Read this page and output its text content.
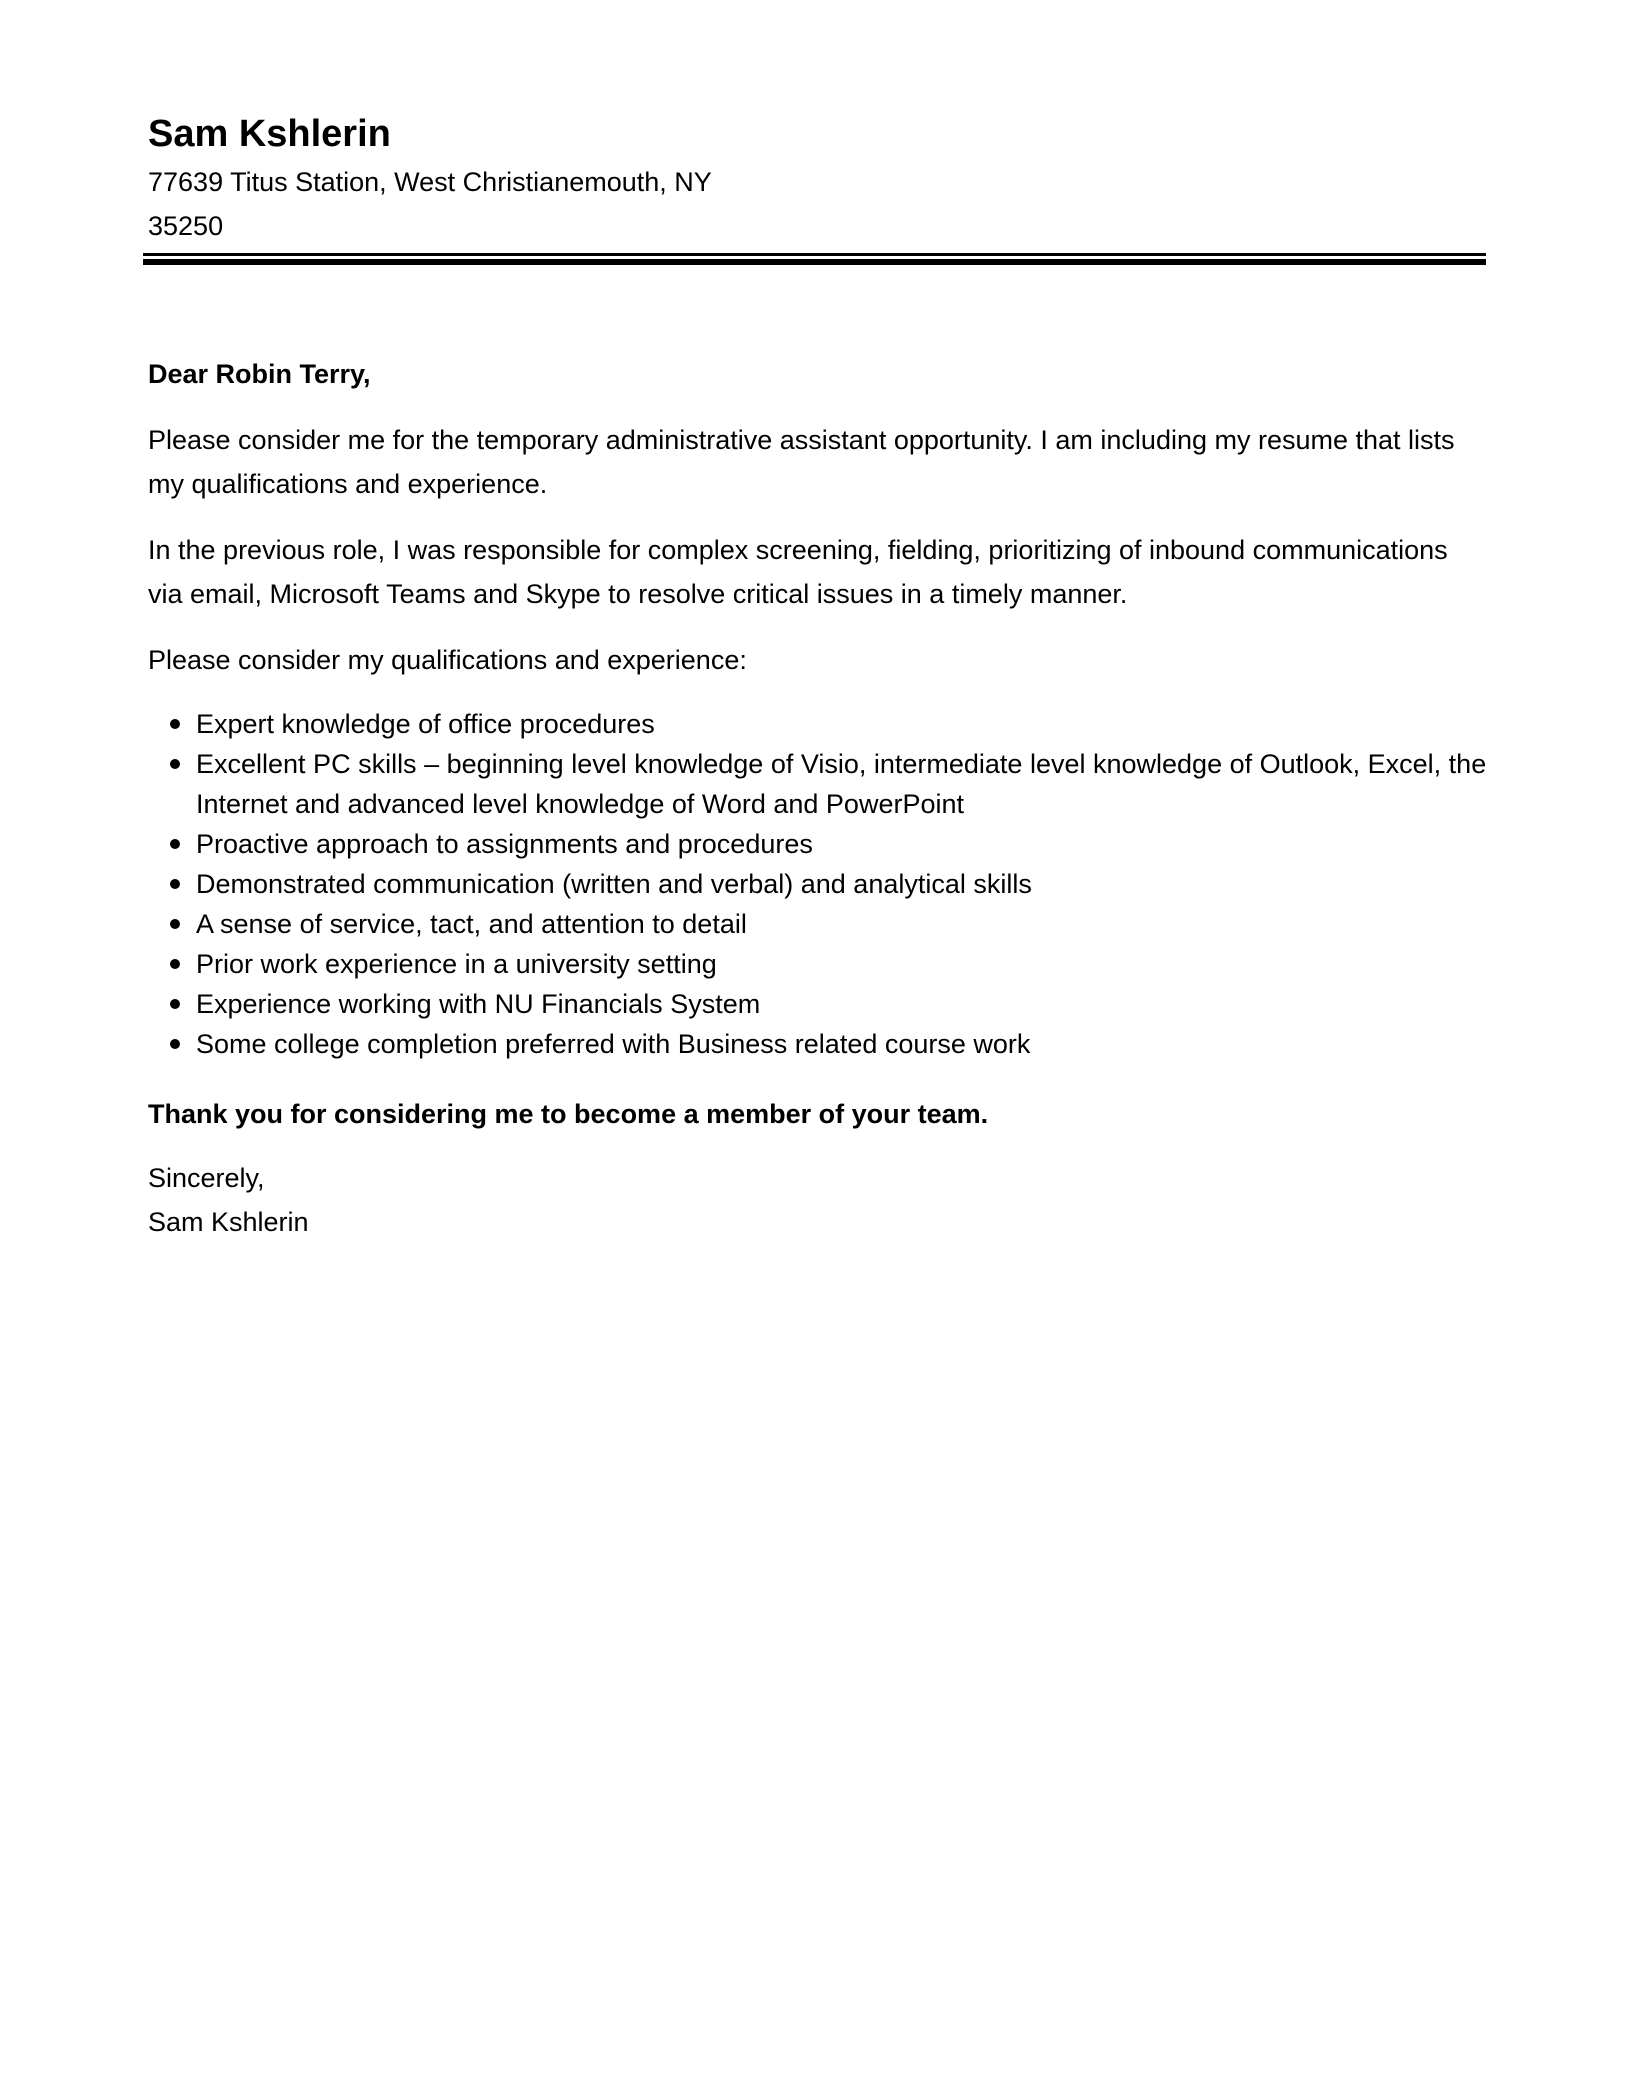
Sam Kshlerin
77639 Titus Station, West Christianemouth, NY 35250

Dear Robin Terry,

Please consider me for the temporary administrative assistant opportunity. I am including my resume that lists my qualifications and experience.

In the previous role, I was responsible for complex screening, fielding, prioritizing of inbound communications via email, Microsoft Teams and Skype to resolve critical issues in a timely manner.

Please consider my qualifications and experience:

Expert knowledge of office procedures
Excellent PC skills – beginning level knowledge of Visio, intermediate level knowledge of Outlook, Excel, the Internet and advanced level knowledge of Word and PowerPoint
Proactive approach to assignments and procedures
Demonstrated communication (written and verbal) and analytical skills
A sense of service, tact, and attention to detail
Prior work experience in a university setting
Experience working with NU Financials System
Some college completion preferred with Business related course work

Thank you for considering me to become a member of your team.

Sincerely,

Sam Kshlerin
